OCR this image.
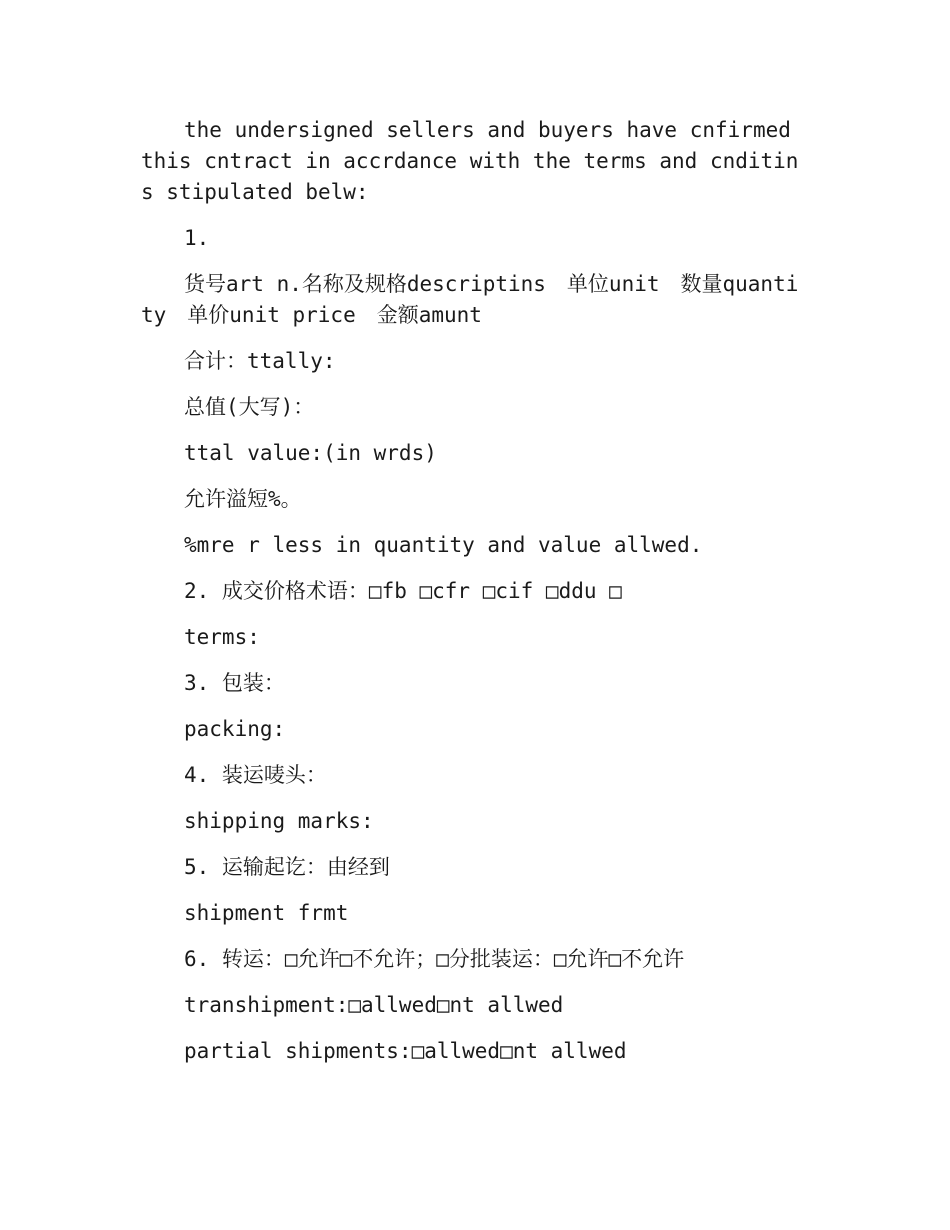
the undersigned sellers and buyers have cnfirmed this cntract in accrdance with the terms and cnditins stipulated belw:

1.

货号art n.名称及规格descriptins　单位unit　数量quantity　单价unit price　金额amunt

合计：ttally:

总值(大写)：

ttal value:(in wrds)

允许溢短%。

%mre r less in quantity and value allwed.

2. 成交价格术语：□fb □cfr □cif □ddu □

terms:

3. 包装：

packing:

4. 装运唛头：

shipping marks:

5. 运输起讫：由经到

shipment frmt

6. 转运：□允许□不允许；□分批装运：□允许□不允许

transhipment:□allwed□nt allwed

partial shipments:□allwed□nt allwed
